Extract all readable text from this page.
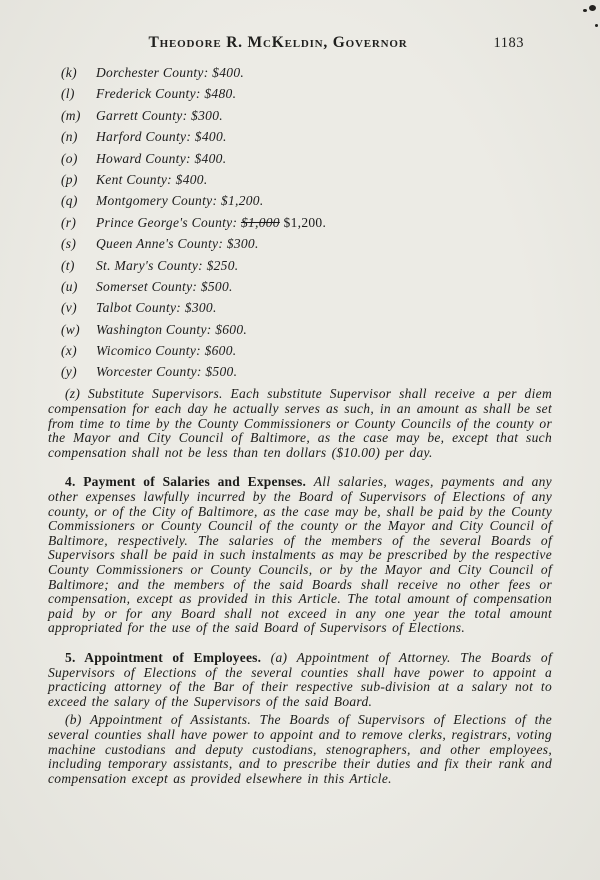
Theodore R. McKeldin, Governor	1183
(k) Dorchester County: $400.
(l) Frederick County: $480.
(m) Garrett County: $300.
(n) Harford County: $400.
(o) Howard County: $400.
(p) Kent County: $400.
(q) Montgomery County: $1,200.
(r) Prince George's County: $1,000 $1,200.
(s) Queen Anne's County: $300.
(t) St. Mary's County: $250.
(u) Somerset County: $500.
(v) Talbot County: $300.
(w) Washington County: $600.
(x) Wicomico County: $600.
(y) Worcester County: $500.

(z) Substitute Supervisors. Each substitute Supervisor shall receive a per diem compensation for each day he actually serves as such, in an amount as shall be set from time to time by the County Commissioners or County Councils of the county or the Mayor and City Council of Baltimore, as the case may be, except that such compensation shall not be less than ten dollars ($10.00) per day.

4. Payment of Salaries and Expenses. All salaries, wages, payments and any other expenses lawfully incurred by the Board of Supervisors of Elections of any county, or of the City of Baltimore, as the case may be, shall be paid by the County Commissioners or County Council of the county or the Mayor and City Council of Baltimore, respectively. The salaries of the members of the several Boards of Supervisors shall be paid in such instalments as may be prescribed by the respective County Commissioners or County Councils, or by the Mayor and City Council of Baltimore; and the members of the said Boards shall receive no other fees or compensation, except as provided in this Article. The total amount of compensation paid by or for any Board shall not exceed in any one year the total amount appropriated for the use of the said Board of Supervisors of Elections.

5. Appointment of Employees. (a) Appointment of Attorney. The Boards of Supervisors of Elections of the several counties shall have power to appoint a practicing attorney of the Bar of their respective sub-division at a salary not to exceed the salary of the Supervisors of the said Board.

(b) Appointment of Assistants. The Boards of Supervisors of Elections of the several counties shall have power to appoint and to remove clerks, registrars, voting machine custodians and deputy custodians, stenographers, and other employees, including temporary assistants, and to prescribe their duties and fix their rank and compensation except as provided elsewhere in this Article.
